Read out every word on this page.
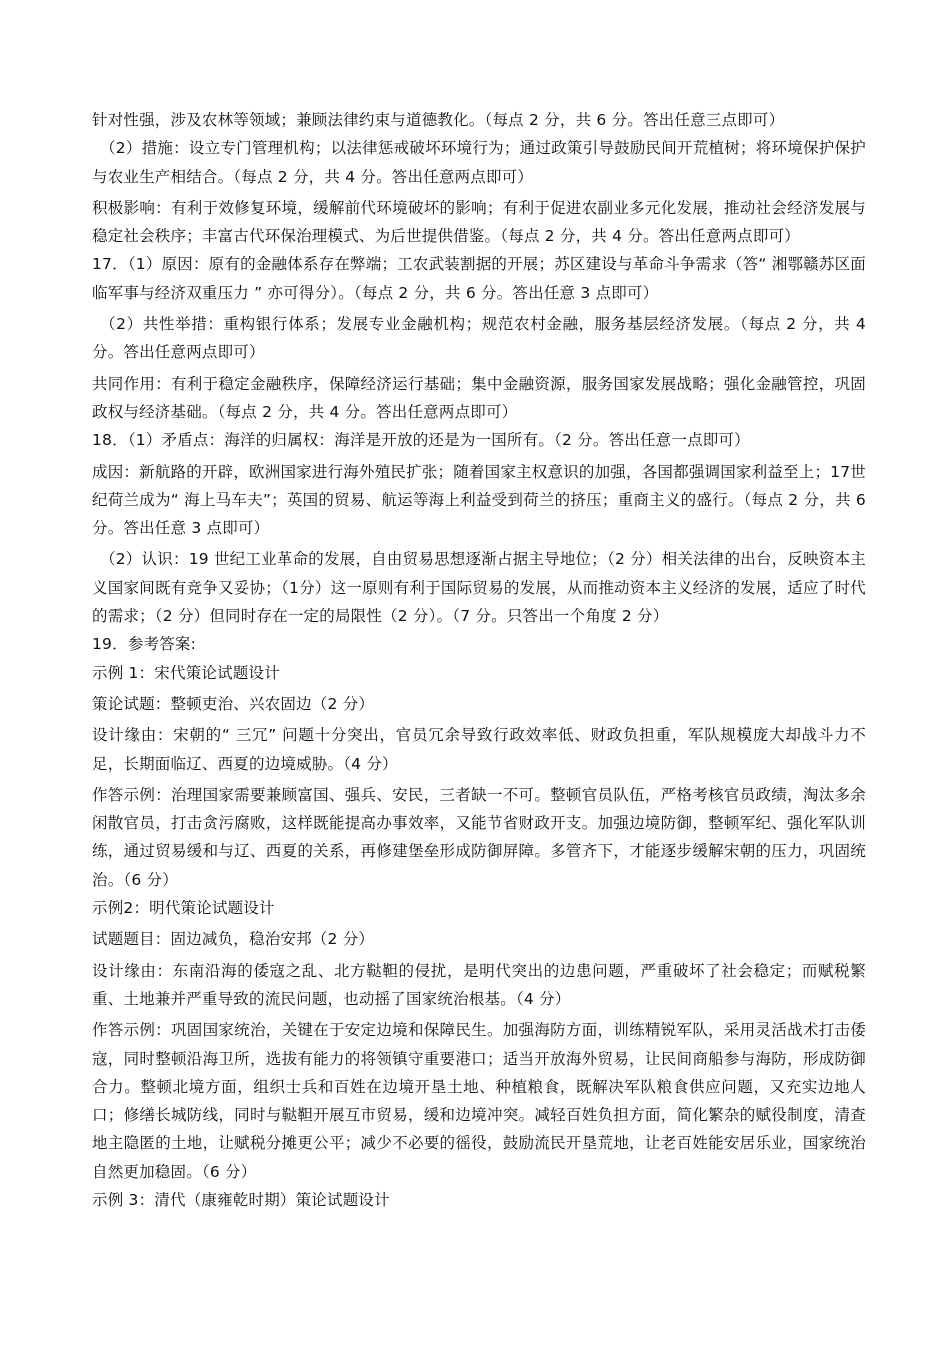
针对性强，涉及农林等领域；兼顾法律约束与道德教化。（每点 2 分，共 6 分。答出任意三点即可）

（2）措施：设立专门管理机构；以法律惩戒破坏环境行为；通过政策引导鼓励民间开荒植树；将环境保护保护与农业生产相结合。（每点 2 分，共 4 分。答出任意两点即可）

积极影响：有利于效修复环境，缓解前代环境破坏的影响；有利于促进农副业多元化发展，推动社会经济发展与稳定社会秩序；丰富古代环保治理模式、为后世提供借鉴。（每点 2 分，共 4 分。答出任意两点即可）

17．（1）原因：原有的金融体系存在弊端；工农武装割据的开展；苏区建设与革命斗争需求（答“ 湘鄂赣苏区面临军事与经济双重压力 ” 亦可得分）。（每点 2 分，共 6 分。答出任意 3 点即可）

（2）共性举措：重构银行体系；发展专业金融机构；规范农村金融，服务基层经济发展。（每点 2 分，共 4 分。答出任意两点即可）

共同作用：有利于稳定金融秩序，保障经济运行基础；集中金融资源，服务国家发展战略；强化金融管控，巩固政权与经济基础。（每点 2 分，共 4 分。答出任意两点即可）

18．（1）矛盾点：海洋的归属权：海洋是开放的还是为一国所有。（2 分。答出任意一点即可）

成因：新航路的开辟，欧洲国家进行海外殖民扩张；随着国家主权意识的加强，各国都强调国家利益至上；17世纪荷兰成为“ 海上马车夫”；英国的贸易、航运等海上利益受到荷兰的挤压；重商主义的盛行。（每点 2 分，共 6 分。答出任意 3 点即可）

（2）认识：19 世纪工业革命的发展，自由贸易思想逐渐占据主导地位；（2 分）相关法律的出台，反映资本主义国家间既有竞争又妥协；（1分）这一原则有利于国际贸易的发展，从而推动资本主义经济的发展，适应了时代的需求；（2 分）但同时存在一定的局限性（2 分）。（7 分。只答出一个角度 2 分）

19．参考答案:

示例 1：宋代策论试题设计

策论试题：整顿吏治、兴农固边（2 分）

设计缘由：宋朝的“ 三冗” 问题十分突出，官员冗余导致行政效率低、财政负担重，军队规模庞大却战斗力不足，长期面临辽、西夏的边境威胁。（4 分）

作答示例：治理国家需要兼顾富国、强兵、安民，三者缺一不可。整顿官员队伍，严格考核官员政绩，淘汰多余闲散官员，打击贪污腐败，这样既能提高办事效率，又能节省财政开支。加强边境防御，整顿军纪、强化军队训练，通过贸易缓和与辽、西夏的关系，再修建堡垒形成防御屏障。多管齐下，才能逐步缓解宋朝的压力，巩固统治。（6 分）

示例2：明代策论试题设计

试题题目：固边减负，稳治安邦（2 分）

设计缘由：东南沿海的倭寇之乱、北方鞑靼的侵扰，是明代突出的边患问题，严重破坏了社会稳定；而赋税繁重、土地兼并严重导致的流民问题，也动摇了国家统治根基。（4 分）

作答示例：巩固国家统治，关键在于安定边境和保障民生。加强海防方面，训练精锐军队，采用灵活战术打击倭寇，同时整顿沿海卫所，选拔有能力的将领镇守重要港口；适当开放海外贸易，让民间商船参与海防，形成防御合力。整顿北境方面，组织士兵和百姓在边境开垦土地、种植粮食，既解决军队粮食供应问题，又充实边地人口；修缮长城防线，同时与鞑靼开展互市贸易，缓和边境冲突。减轻百姓负担方面，简化繁杂的赋役制度，清查地主隐匿的土地，让赋税分摊更公平；减少不必要的徭役，鼓励流民开垦荒地，让老百姓能安居乐业，国家统治自然更加稳固。（6 分）

示例 3：清代（康雍乾时期）策论试题设计
